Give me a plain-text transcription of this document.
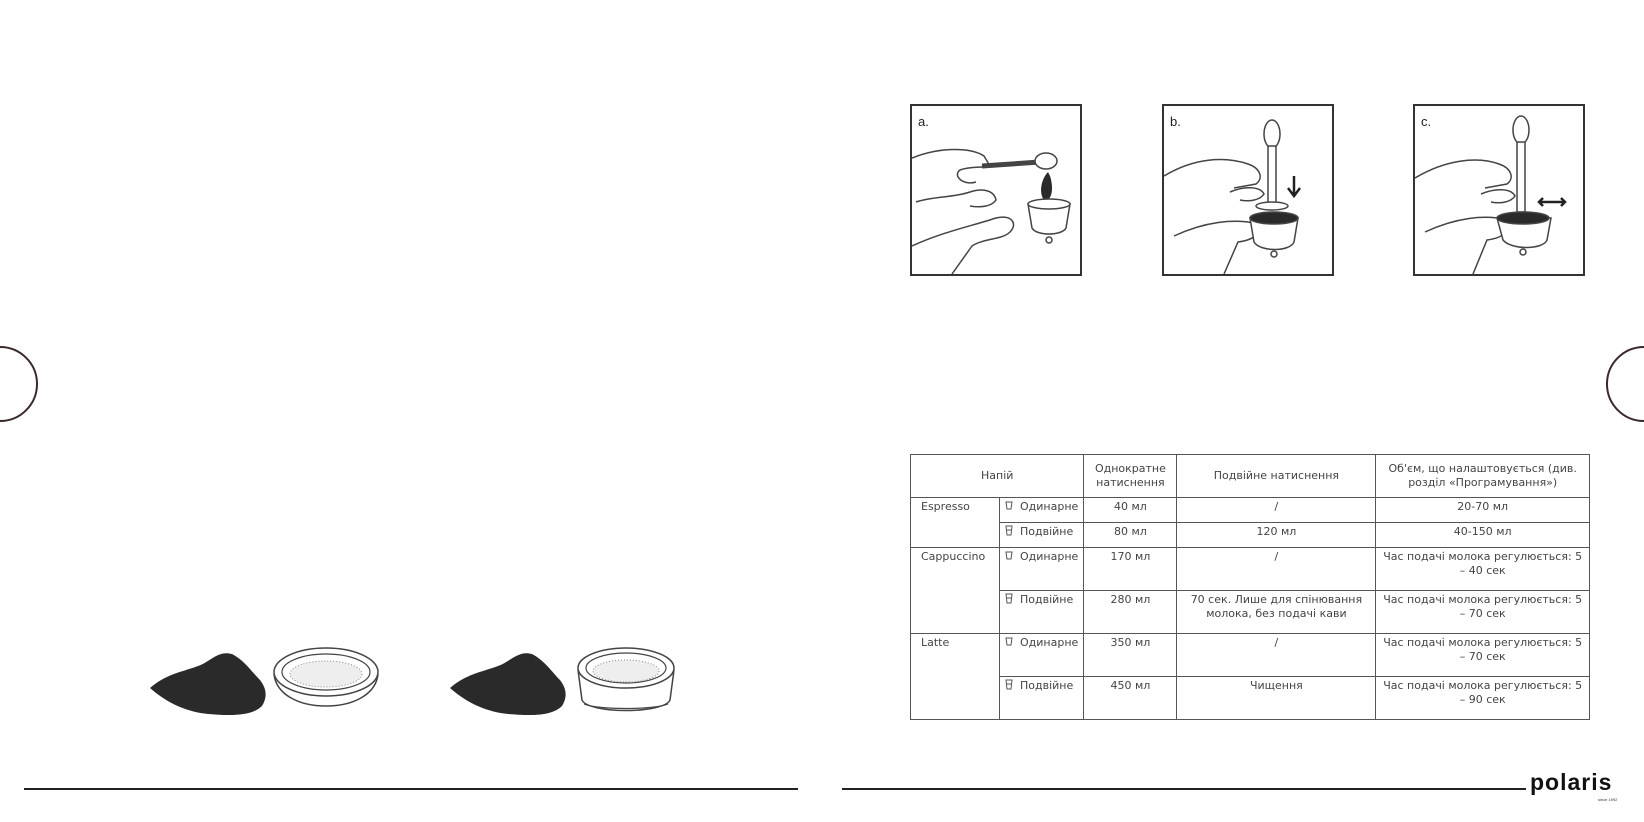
a.	b.	c.
Напій		Однократне натиснення	Подвійне натиснення	Об'єм, що налаштовується (див. розділ «Програмування»)
Espresso	Одинарне	40 мл	/	20-70 мл
	Подвійне	80 мл	120 мл	40-150 мл
Cappuccino	Одинарне	170 мл	/	Час подачі молока регулюється: 5 – 40 сек
	Подвійне	280 мл	70 сек. Лише для спінювання молока, без подачі кави	Час подачі молока регулюється: 5 – 70 сек
Latte	Одинарне	350 мл	/	Час подачі молока регулюється: 5 – 70 сек
	Подвійне	450 мл	Чищення	Час подачі молока регулюється: 5 – 90 сек
polaris
since 1992
